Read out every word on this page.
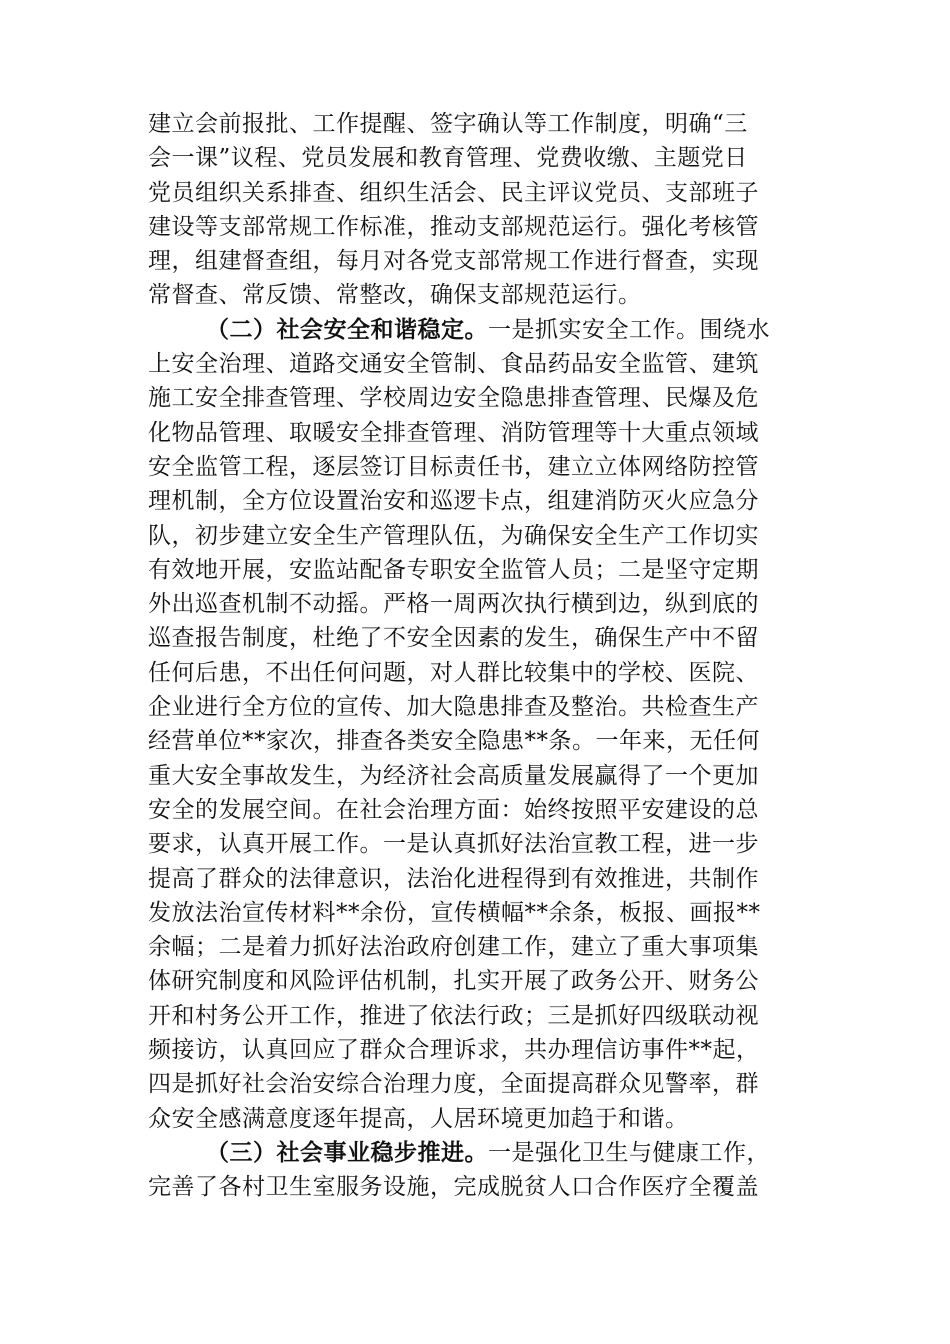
建立会前报批、工作提醒、签字确认等工作制度，明确“三
会一课”议程、党员发展和教育管理、党费收缴、主题党日
党员组织关系排查、组织生活会、民主评议党员、支部班子
建设等支部常规工作标准，推动支部规范运行。强化考核管
理，组建督查组，每月对各党支部常规工作进行督查，实现
常督查、常反馈、常整改，确保支部规范运行。
（二）社会安全和谐稳定。一是抓实安全工作。围绕水
上安全治理、道路交通安全管制、食品药品安全监管、建筑
施工安全排查管理、学校周边安全隐患排查管理、民爆及危
化物品管理、取暖安全排查管理、消防管理等十大重点领域
安全监管工程，逐层签订目标责任书，建立立体网络防控管
理机制，全方位设置治安和巡逻卡点，组建消防灭火应急分
队，初步建立安全生产管理队伍，为确保安全生产工作切实
有效地开展，安监站配备专职安全监管人员；二是坚守定期
外出巡查机制不动摇。严格一周两次执行横到边，纵到底的
巡查报告制度，杜绝了不安全因素的发生，确保生产中不留
任何后患，不出任何问题，对人群比较集中的学校、医院、
企业进行全方位的宣传、加大隐患排查及整治。共检查生产
经营单位**家次，排查各类安全隐患**条。一年来，无任何
重大安全事故发生，为经济社会高质量发展赢得了一个更加
安全的发展空间。在社会治理方面：始终按照平安建设的总
要求，认真开展工作。一是认真抓好法治宣教工程，进一步
提高了群众的法律意识，法治化进程得到有效推进，共制作
发放法治宣传材料**余份，宣传横幅**余条，板报、画报**
余幅；二是着力抓好法治政府创建工作，建立了重大事项集
体研究制度和风险评估机制，扎实开展了政务公开、财务公
开和村务公开工作，推进了依法行政；三是抓好四级联动视
频接访，认真回应了群众合理诉求，共办理信访事件**起，
四是抓好社会治安综合治理力度，全面提高群众见警率，群
众安全感满意度逐年提高，人居环境更加趋于和谐。
（三）社会事业稳步推进。一是强化卫生与健康工作，
完善了各村卫生室服务设施，完成脱贫人口合作医疗全覆盖
